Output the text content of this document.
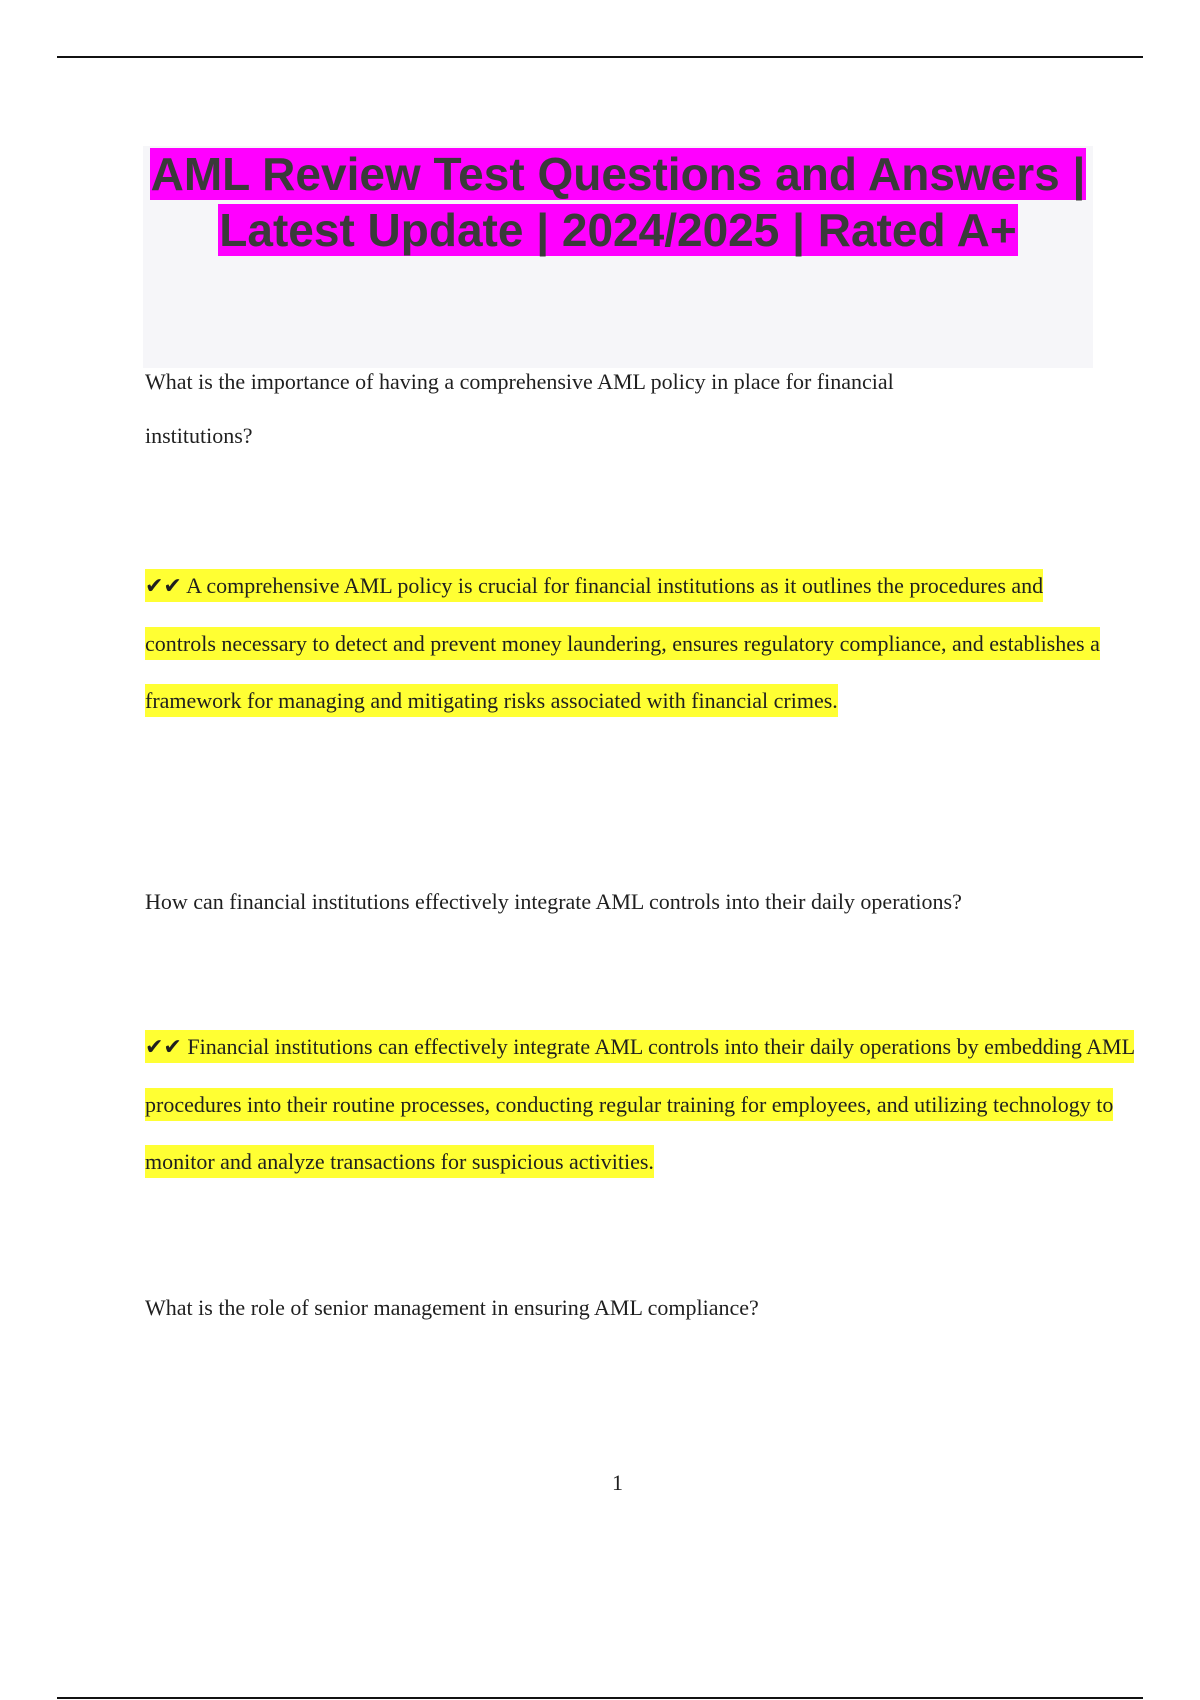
AML Review Test Questions and Answers | Latest Update | 2024/2025 | Rated A+

What is the importance of having a comprehensive AML policy in place for financial institutions?

✔✔ A comprehensive AML policy is crucial for financial institutions as it outlines the procedures and controls necessary to detect and prevent money laundering, ensures regulatory compliance, and establishes a framework for managing and mitigating risks associated with financial crimes.

How can financial institutions effectively integrate AML controls into their daily operations?

✔✔ Financial institutions can effectively integrate AML controls into their daily operations by embedding AML procedures into their routine processes, conducting regular training for employees, and utilizing technology to monitor and analyze transactions for suspicious activities.

What is the role of senior management in ensuring AML compliance?

1
